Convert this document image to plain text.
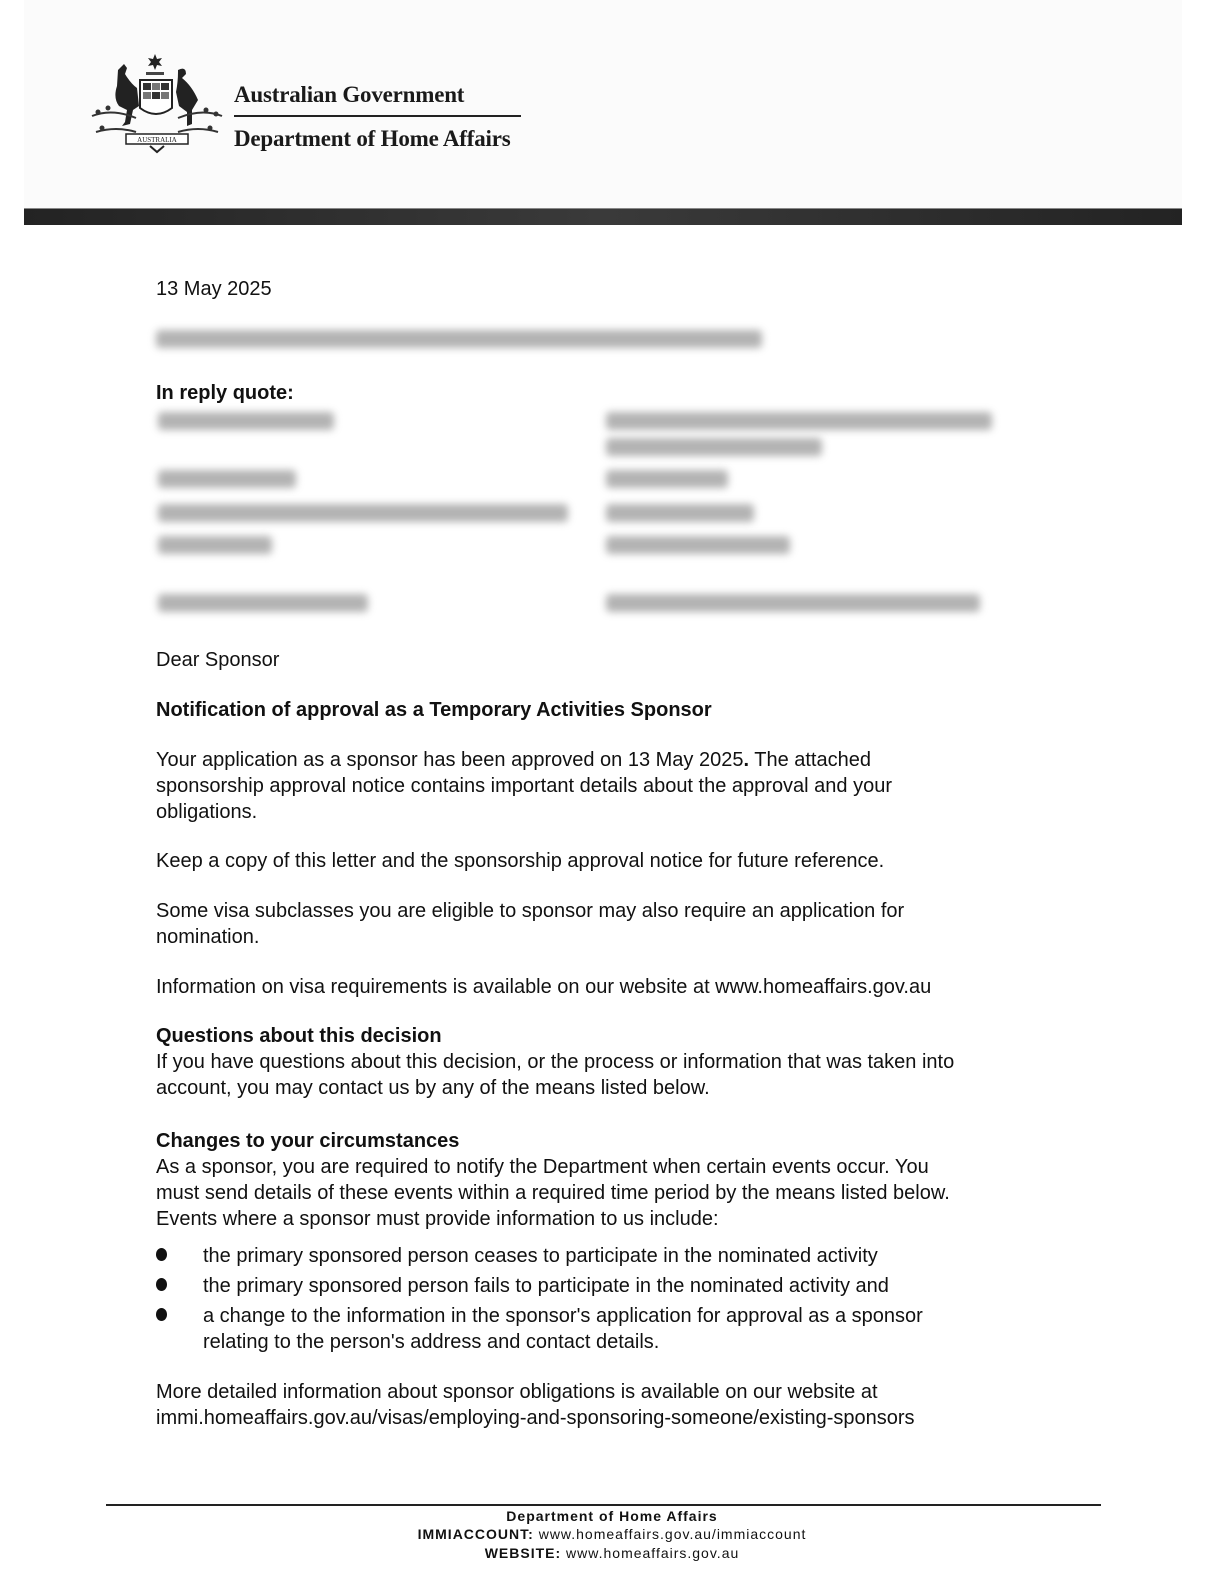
AUSTRALIA
Australian Government
Department of Home Affairs
13 May 2025
In reply quote:
Dear Sponsor
Notification of approval as a Temporary Activities Sponsor
Your application as a sponsor has been approved on 13 May 2025. The attached
sponsorship approval notice contains important details about the approval and your
obligations.
Keep a copy of this letter and the sponsorship approval notice for future reference.
Some visa subclasses you are eligible to sponsor may also require an application for
nomination.
Information on visa requirements is available on our website at www.homeaffairs.gov.au
Questions about this decision
If you have questions about this decision, or the process or information that was taken into
account, you may contact us by any of the means listed below.
Changes to your circumstances
As a sponsor, you are required to notify the Department when certain events occur. You
must send details of these events within a required time period by the means listed below.
Events where a sponsor must provide information to us include:
the primary sponsored person ceases to participate in the nominated activity
the primary sponsored person fails to participate in the nominated activity and
a change to the information in the sponsor's application for approval as a sponsor
relating to the person's address and contact details.
More detailed information about sponsor obligations is available on our website at
immi.homeaffairs.gov.au/visas/employing-and-sponsoring-someone/existing-sponsors
Department of Home Affairs
IMMIACCOUNT: www.homeaffairs.gov.au/immiaccount
WEBSITE: www.homeaffairs.gov.au
